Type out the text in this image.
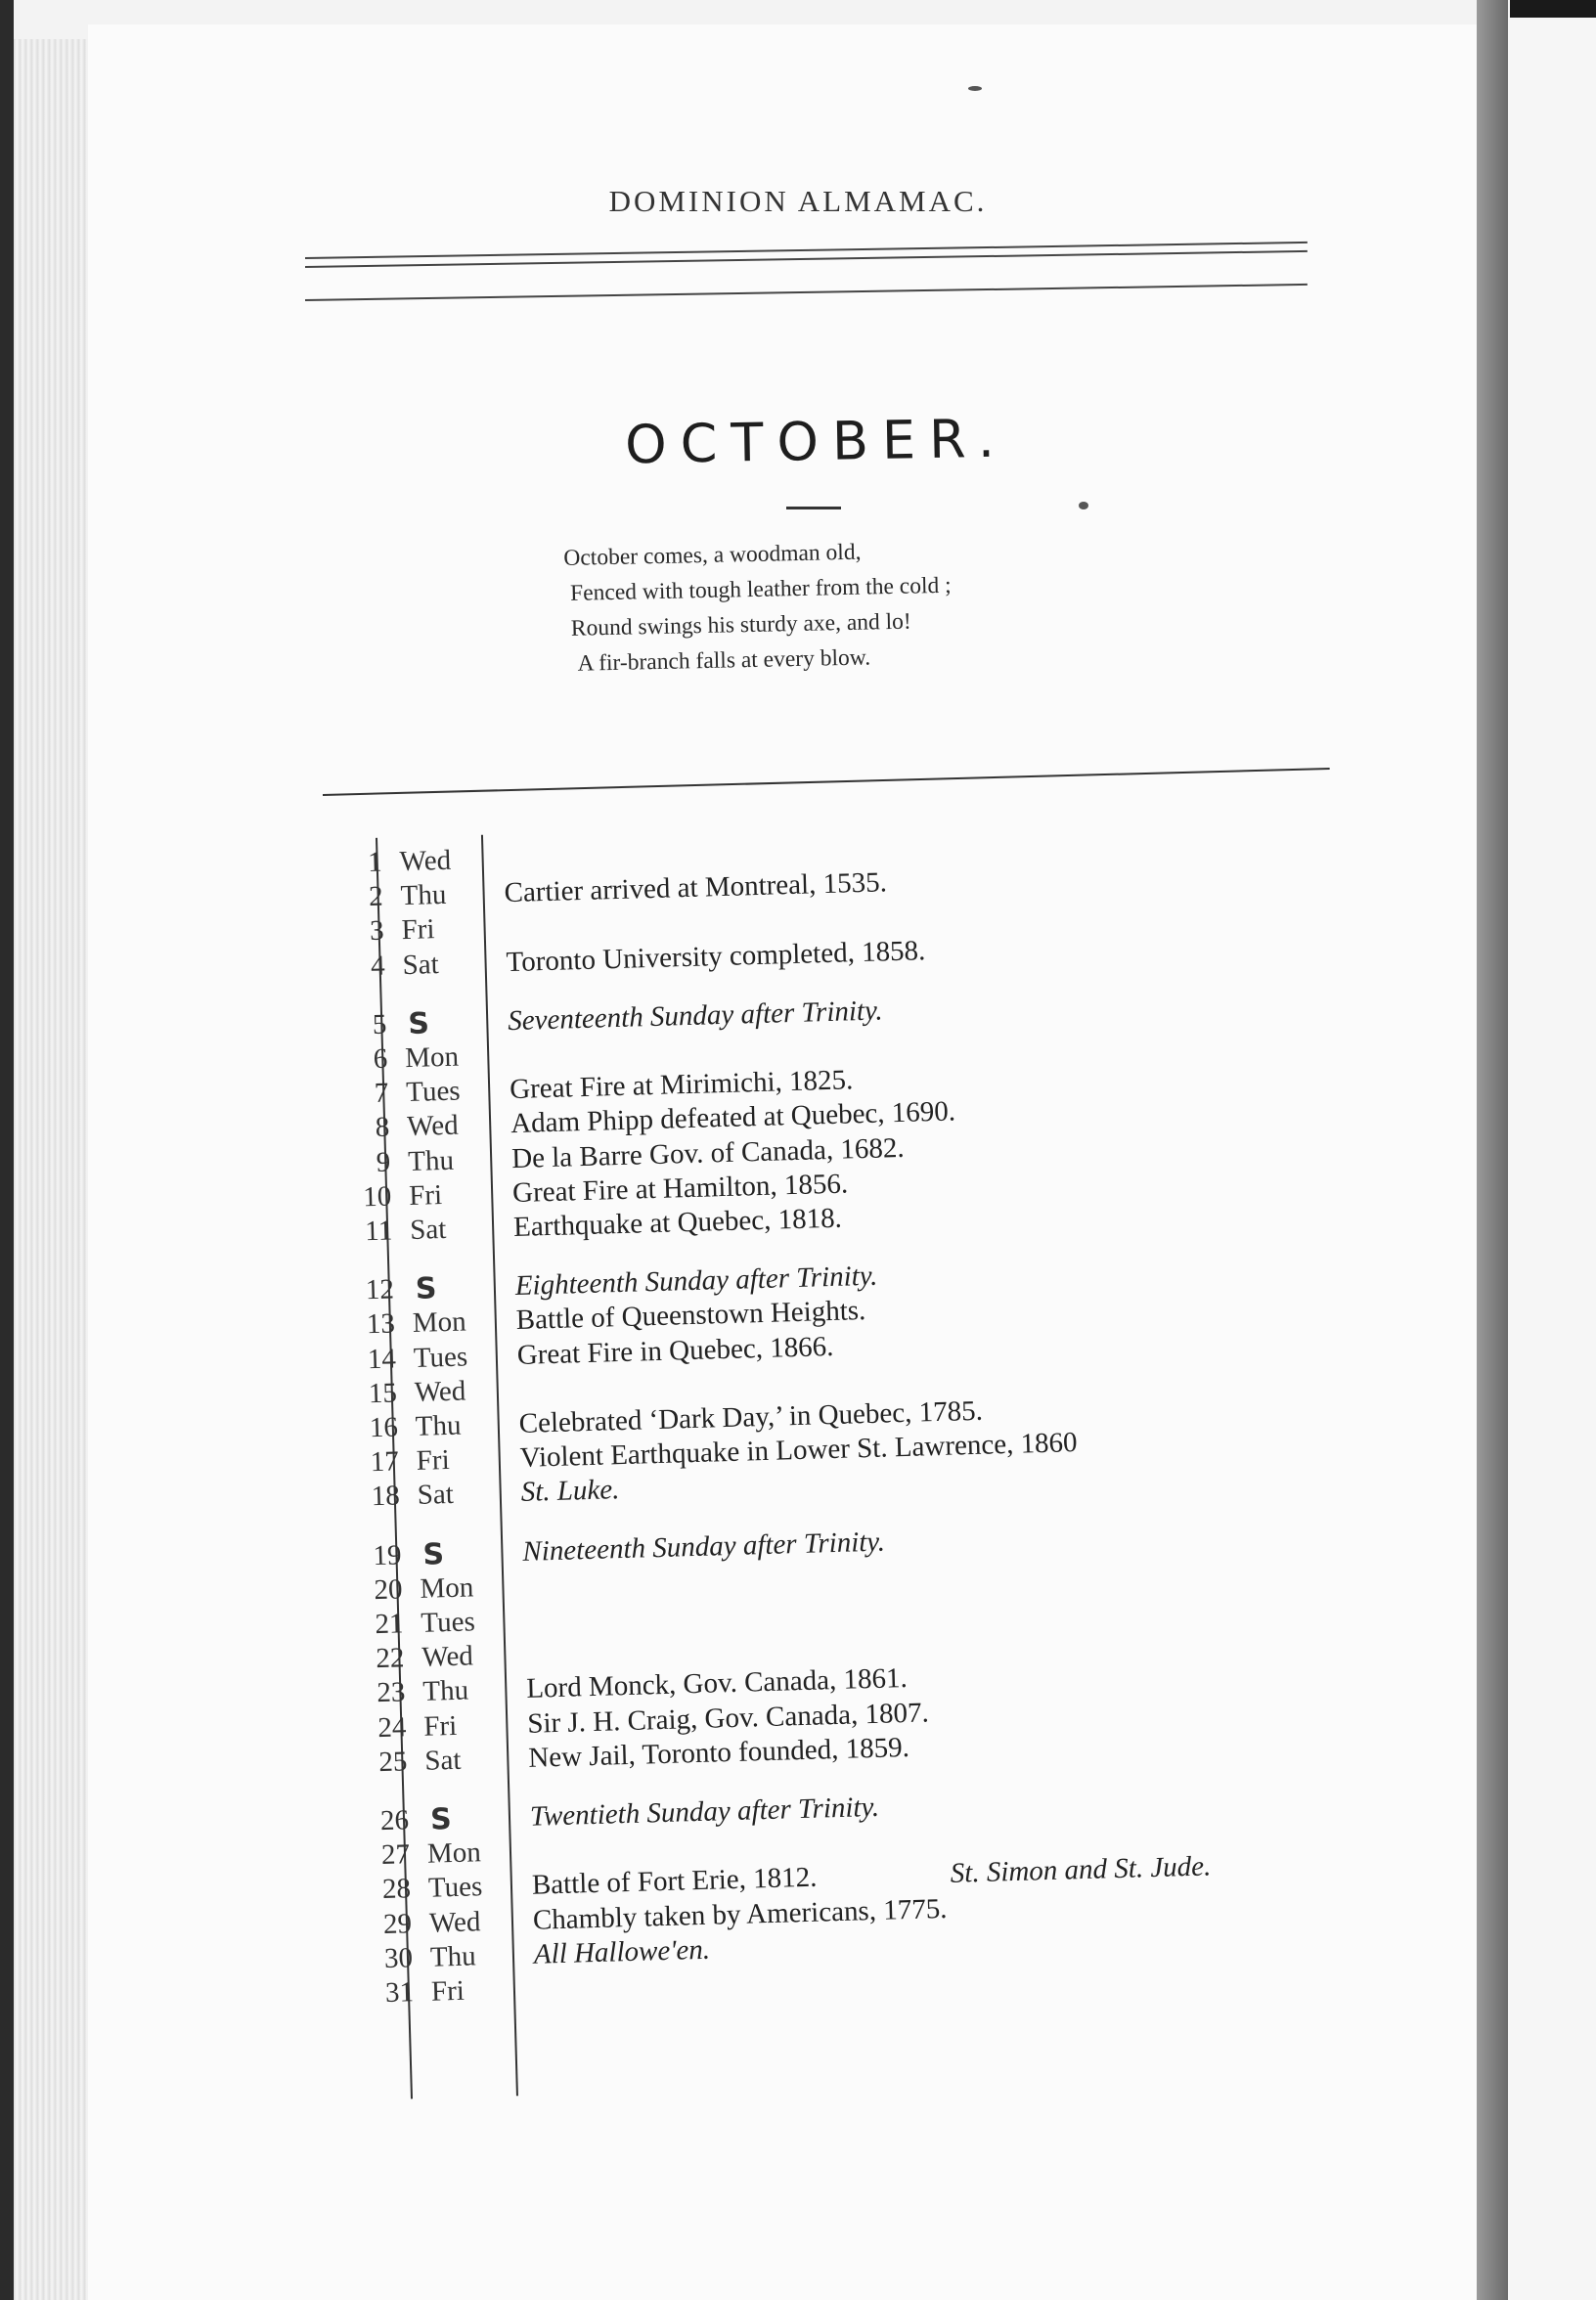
DOMINION ALMAMAC.
OCTOBER.
October comes, a woodman old,
Fenced with tough leather from the cold ;
Round swings his sturdy axe, and lo!
A fir-branch falls at every blow.
1 Wed
2 Thu Cartier arrived at Montreal, 1535.
3 Fri
4 Sat Toronto University completed, 1858.
5 S	Seventeenth Sunday after Trinity.
6 Mon
7 Tues Great Fire at Mirimichi, 1825.
8 Wed Adam Phipp defeated at Quebec, 1690.
9 Thu De la Barre Gov. of Canada, 1682.
10 Fri Great Fire at Hamilton, 1856.
11 Sat Earthquake at Quebec, 1818.
12 S	Eighteenth Sunday after Trinity.
13 Mon Battle of Queenstown Heights.
14 Tues Great Fire in Quebec, 1866.
15 Wed
16 Thu Celebrated ‘Dark Day,’ in Quebec, 1785.
17 Fri Violent Earthquake in Lower St. Lawrence, 1860
18 Sat St. Luke.
19 S	Nineteenth Sunday after Trinity.
20 Mon
21 Tues
22 Wed
23 Thu Lord Monck, Gov. Canada, 1861.
24 Fri Sir J. H. Craig, Gov. Canada, 1807.
25 Sat New Jail, Toronto founded, 1859.
26 S	Twentieth Sunday after Trinity.
27 Mon
28 Tues Battle of Fort Erie, 1812.	St. Simon and St. Jude.
29 Wed Chambly taken by Americans, 1775.
30 Thu All Hallowe'en.
31 Fri
